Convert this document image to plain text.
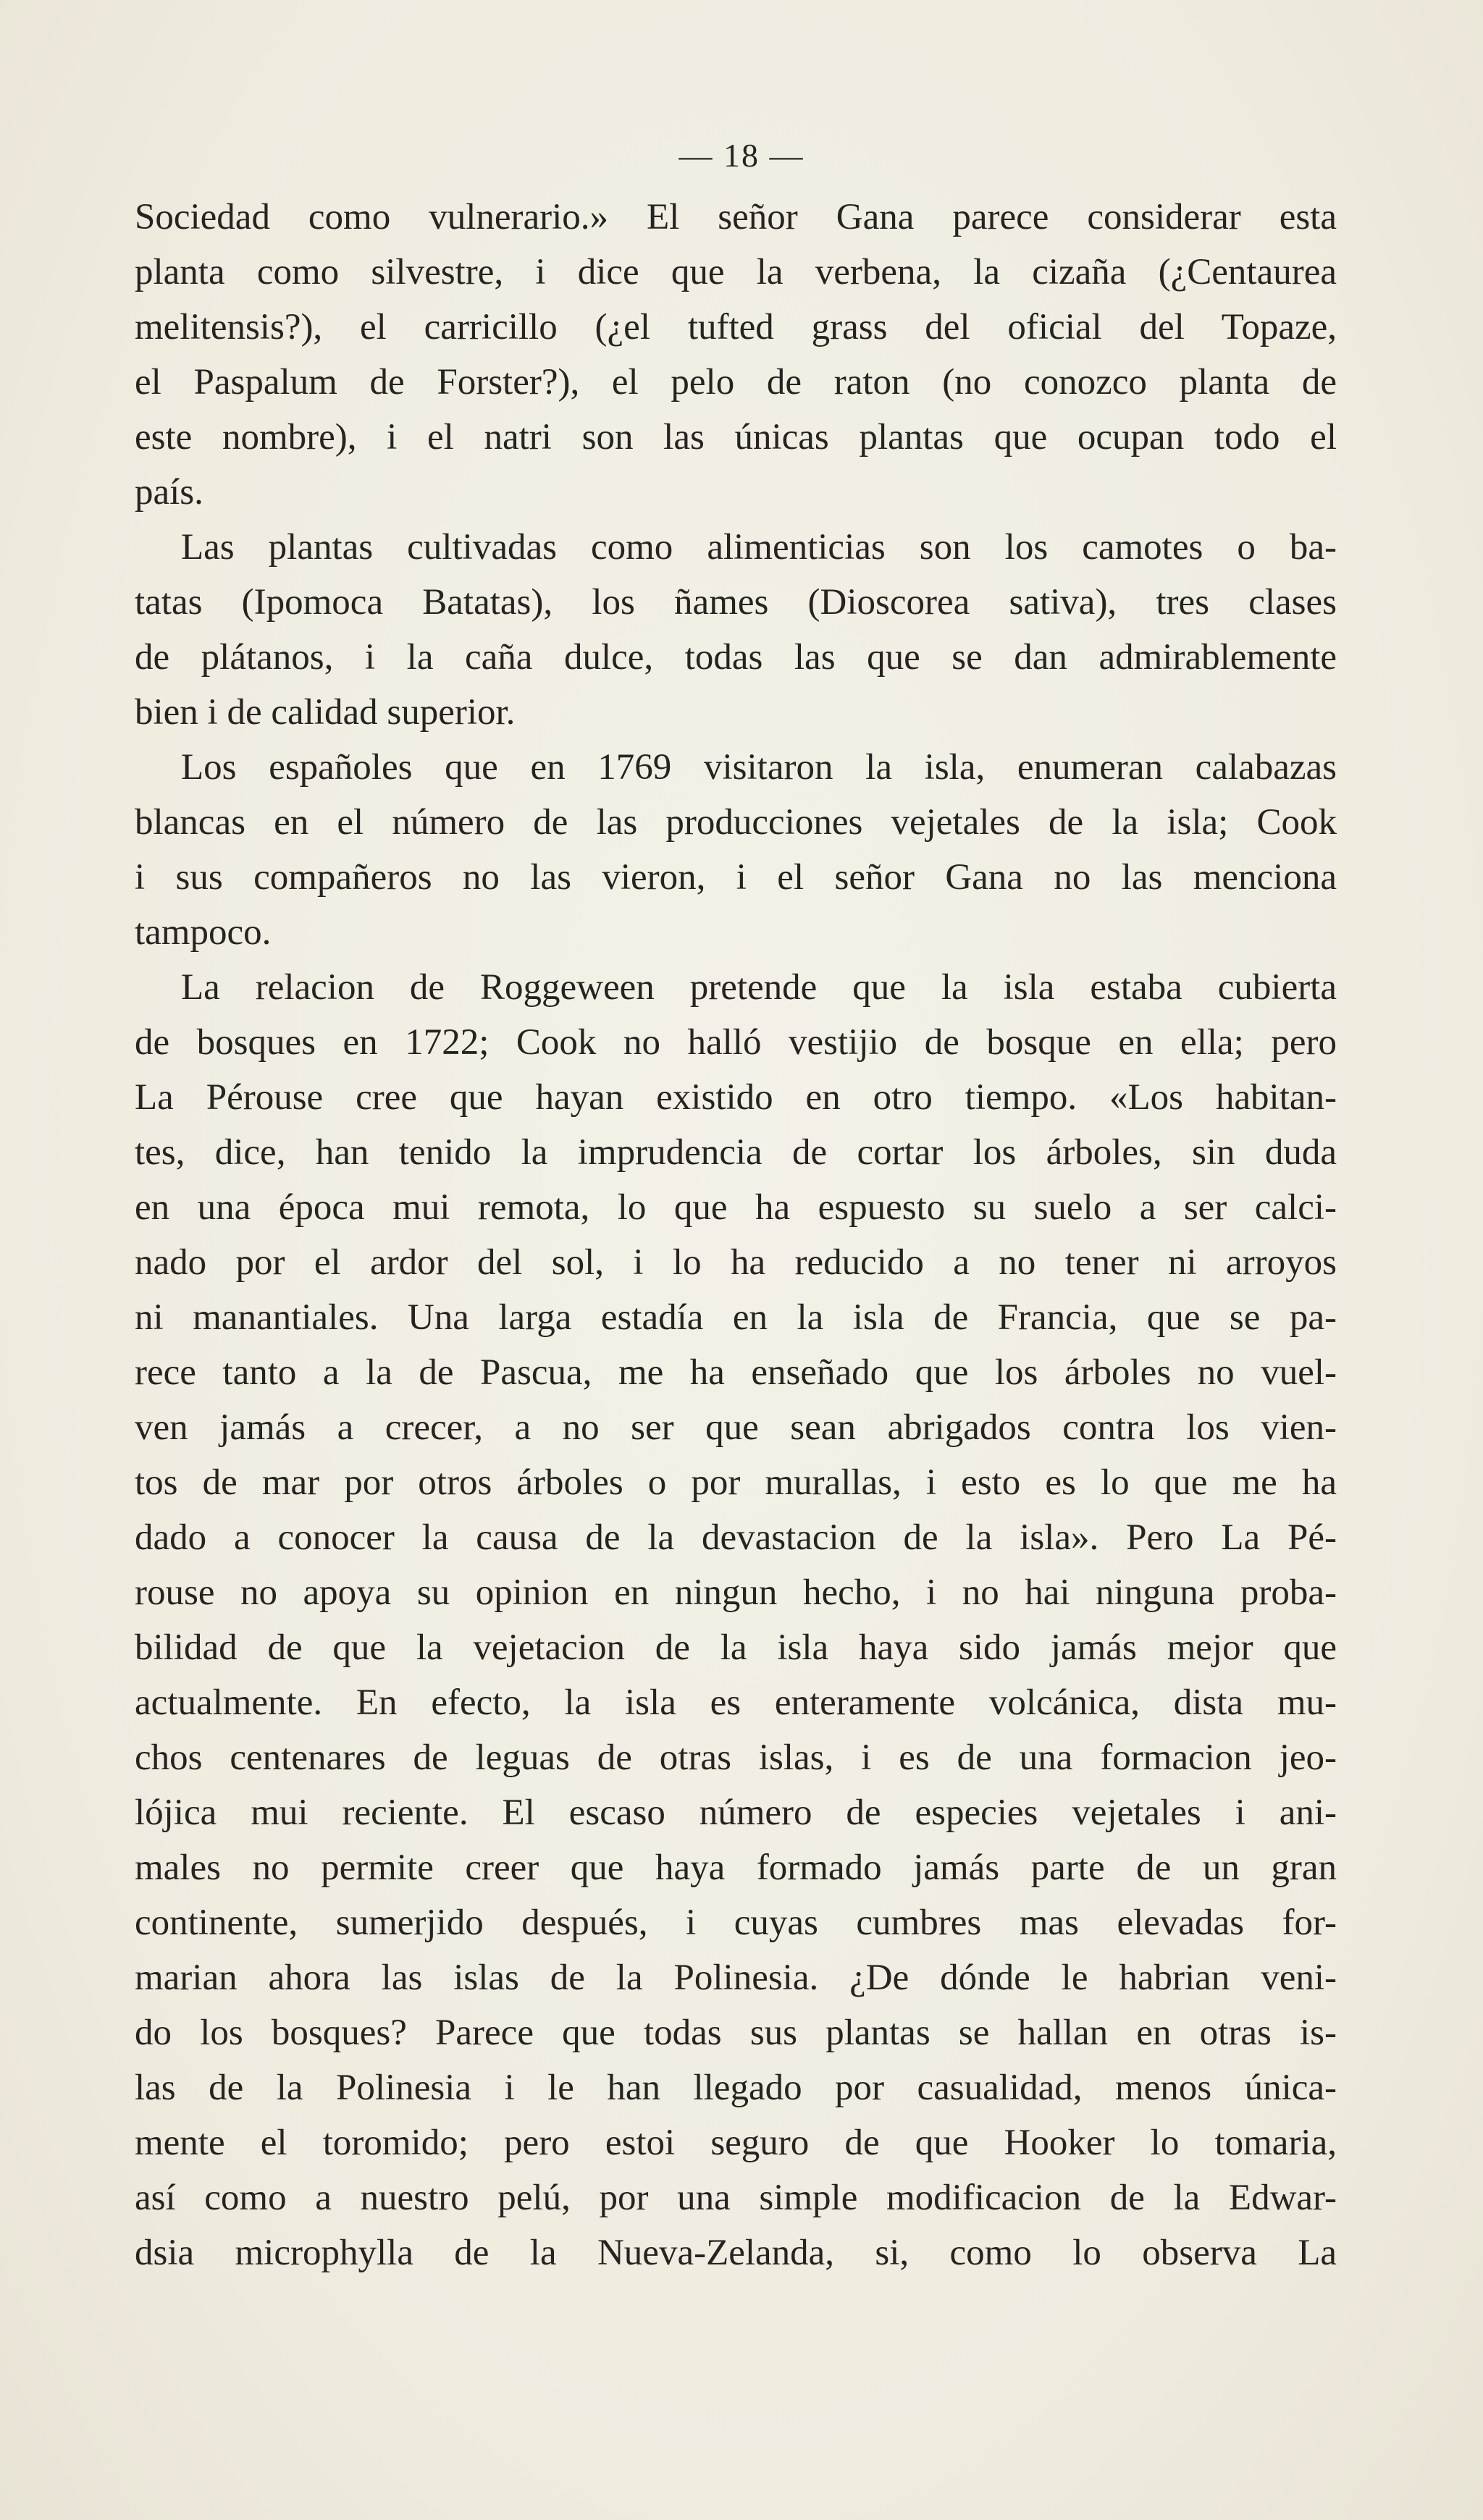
— 18 —
Sociedad como vulnerario.» El señor Gana parece considerar esta
planta como silvestre, i dice que la verbena, la cizaña (¿Centaurea
melitensis?), el carricillo (¿el tufted grass del oficial del Topaze,
el Paspalum de Forster?), el pelo de raton (no conozco planta de
este nombre), i el natri son las únicas plantas que ocupan todo el
país.
Las plantas cultivadas como alimenticias son los camotes o ba-
tatas (Ipomoca Batatas), los ñames (Dioscorea sativa), tres clases
de plátanos, i la caña dulce, todas las que se dan admirablemente
bien i de calidad superior.
Los españoles que en 1769 visitaron la isla, enumeran calabazas
blancas en el número de las producciones vejetales de la isla; Cook
i sus compañeros no las vieron, i el señor Gana no las menciona
tampoco.
La relacion de Roggeween pretende que la isla estaba cubierta
de bosques en 1722; Cook no halló vestijio de bosque en ella; pero
La Pérouse cree que hayan existido en otro tiempo. «Los habitan-
tes, dice, han tenido la imprudencia de cortar los árboles, sin duda
en una época mui remota, lo que ha espuesto su suelo a ser calci-
nado por el ardor del sol, i lo ha reducido a no tener ni arroyos
ni manantiales. Una larga estadía en la isla de Francia, que se pa-
rece tanto a la de Pascua, me ha enseñado que los árboles no vuel-
ven jamás a crecer, a no ser que sean abrigados contra los vien-
tos de mar por otros árboles o por murallas, i esto es lo que me ha
dado a conocer la causa de la devastacion de la isla». Pero La Pé-
rouse no apoya su opinion en ningun hecho, i no hai ninguna proba-
bilidad de que la vejetacion de la isla haya sido jamás mejor que
actualmente. En efecto, la isla es enteramente volcánica, dista mu-
chos centenares de leguas de otras islas, i es de una formacion jeo-
lójica mui reciente. El escaso número de especies vejetales i ani-
males no permite creer que haya formado jamás parte de un gran
continente, sumerjido después, i cuyas cumbres mas elevadas for-
marian ahora las islas de la Polinesia. ¿De dónde le habrian veni-
do los bosques? Parece que todas sus plantas se hallan en otras is-
las de la Polinesia i le han llegado por casualidad, menos única-
mente el toromido; pero estoi seguro de que Hooker lo tomaria,
así como a nuestro pelú, por una simple modificacion de la Edwar-
dsia microphylla de la Nueva-Zelanda, si, como lo observa La
